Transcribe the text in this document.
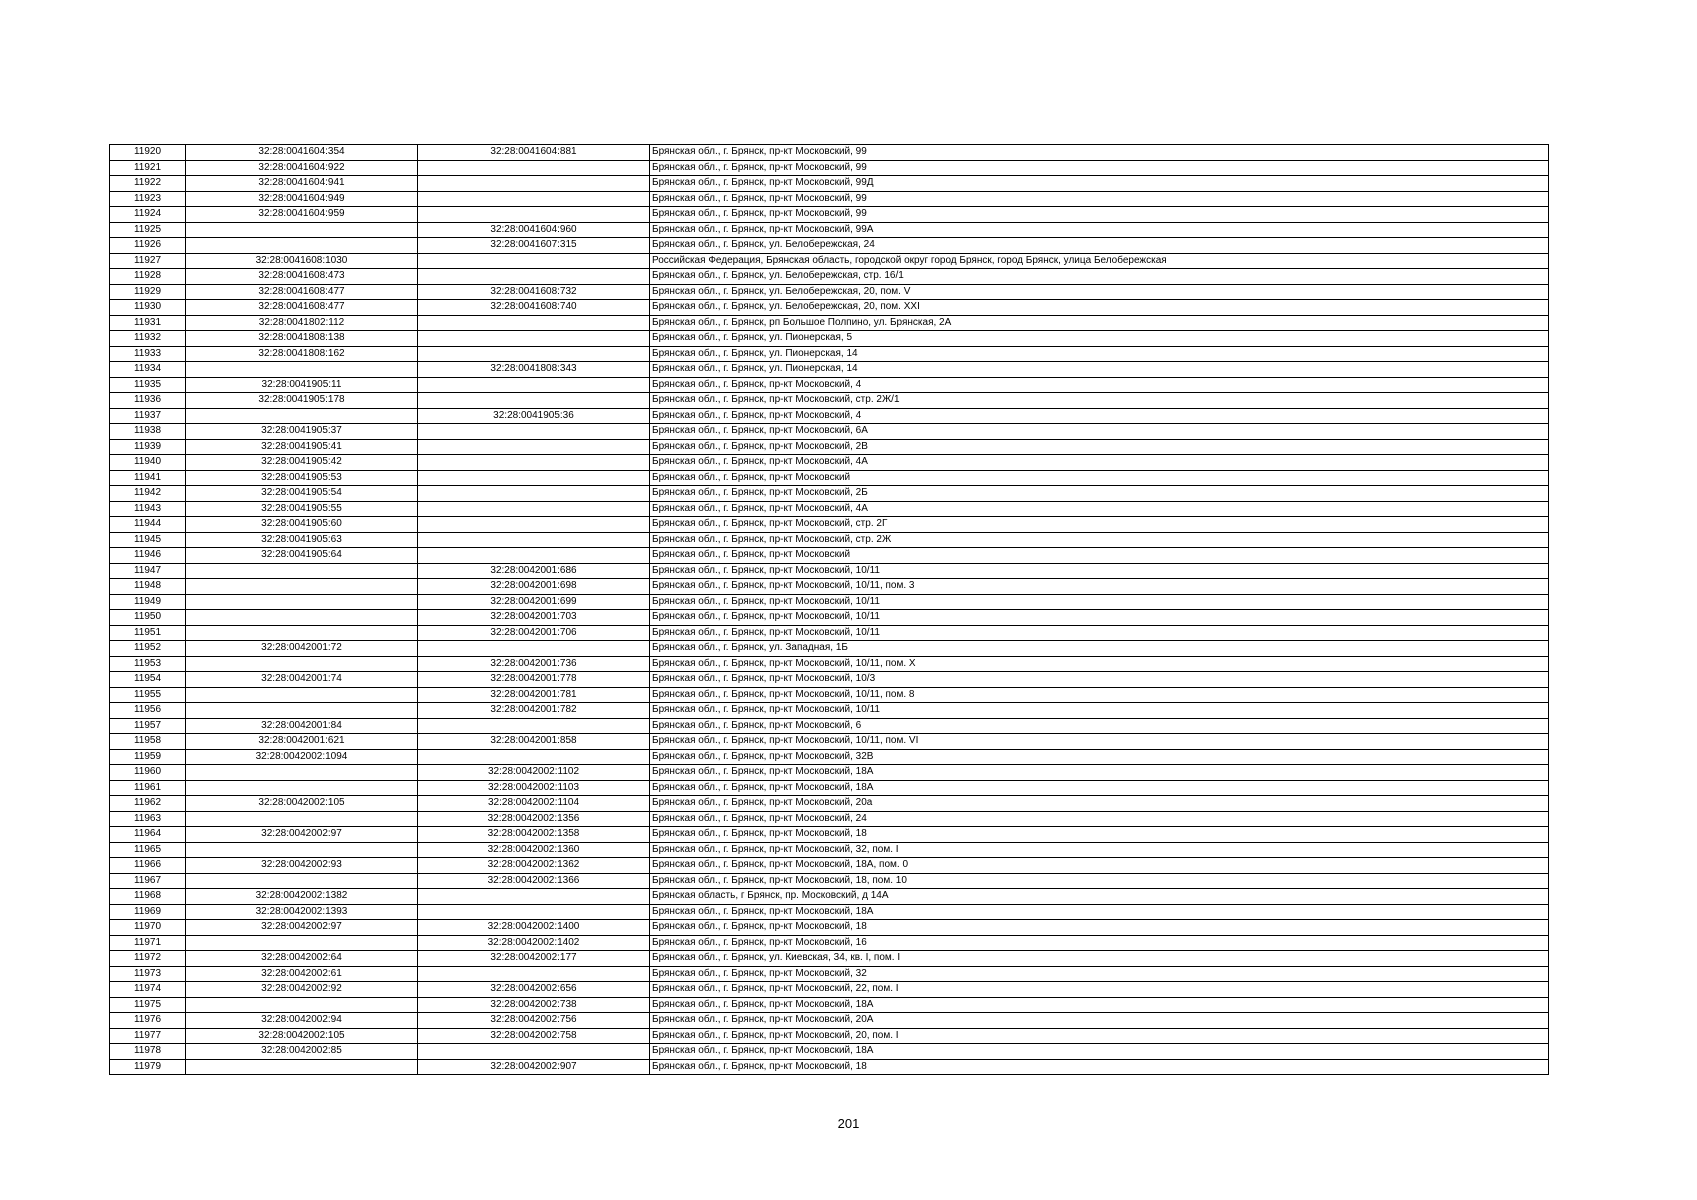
11920	32:28:0041604:354	32:28:0041604:881	Брянская обл., г. Брянск, пр-кт Московский, 99
11921	32:28:0041604:922		Брянская обл., г. Брянск, пр-кт Московский, 99
11922	32:28:0041604:941		Брянская обл., г. Брянск, пр-кт Московский, 99Д
11923	32:28:0041604:949		Брянская обл., г. Брянск, пр-кт Московский, 99
11924	32:28:0041604:959		Брянская обл., г. Брянск, пр-кт Московский, 99
11925		32:28:0041604:960	Брянская обл., г. Брянск, пр-кт Московский, 99А
11926		32:28:0041607:315	Брянская обл., г. Брянск, ул. Белобережская, 24
11927	32:28:0041608:1030		Российская Федерация, Брянская область, городской округ город Брянск, город Брянск, улица Белобережская
11928	32:28:0041608:473		Брянская обл., г. Брянск, ул. Белобережская, стр. 16/1
11929	32:28:0041608:477	32:28:0041608:732	Брянская обл., г. Брянск, ул. Белобережская, 20, пом. V
11930	32:28:0041608:477	32:28:0041608:740	Брянская обл., г. Брянск, ул. Белобережская, 20, пом. XXI
11931	32:28:0041802:112		Брянская обл., г. Брянск, рп Большое Полпино, ул. Брянская, 2А
11932	32:28:0041808:138		Брянская обл., г. Брянск, ул. Пионерская, 5
11933	32:28:0041808:162		Брянская обл., г. Брянск, ул. Пионерская, 14
11934		32:28:0041808:343	Брянская обл., г. Брянск, ул. Пионерская, 14
11935	32:28:0041905:11		Брянская обл., г. Брянск, пр-кт Московский, 4
11936	32:28:0041905:178		Брянская обл., г. Брянск, пр-кт Московский, стр. 2Ж/1
11937		32:28:0041905:36	Брянская обл., г. Брянск, пр-кт Московский, 4
11938	32:28:0041905:37		Брянская обл., г. Брянск, пр-кт Московский, 6А
11939	32:28:0041905:41		Брянская обл., г. Брянск, пр-кт Московский, 2В
11940	32:28:0041905:42		Брянская обл., г. Брянск, пр-кт Московский, 4А
11941	32:28:0041905:53		Брянская обл., г. Брянск, пр-кт Московский
11942	32:28:0041905:54		Брянская обл., г. Брянск, пр-кт Московский, 2Б
11943	32:28:0041905:55		Брянская обл., г. Брянск, пр-кт Московский, 4А
11944	32:28:0041905:60		Брянская обл., г. Брянск, пр-кт Московский, стр. 2Г
11945	32:28:0041905:63		Брянская обл., г. Брянск, пр-кт Московский, стр. 2Ж
11946	32:28:0041905:64		Брянская обл., г. Брянск, пр-кт Московский
11947		32:28:0042001:686	Брянская обл., г. Брянск, пр-кт Московский, 10/11
11948		32:28:0042001:698	Брянская обл., г. Брянск, пр-кт Московский, 10/11, пом. 3
11949		32:28:0042001:699	Брянская обл., г. Брянск, пр-кт Московский, 10/11
11950		32:28:0042001:703	Брянская обл., г. Брянск, пр-кт Московский, 10/11
11951		32:28:0042001:706	Брянская обл., г. Брянск, пр-кт Московский, 10/11
11952	32:28:0042001:72		Брянская обл., г. Брянск, ул. Западная, 1Б
11953		32:28:0042001:736	Брянская обл., г. Брянск, пр-кт Московский, 10/11, пом. Х
11954	32:28:0042001:74	32:28:0042001:778	Брянская обл., г. Брянск, пр-кт Московский, 10/3
11955		32:28:0042001:781	Брянская обл., г. Брянск, пр-кт Московский, 10/11, пом. 8
11956		32:28:0042001:782	Брянская обл., г. Брянск, пр-кт Московский, 10/11
11957	32:28:0042001:84		Брянская обл., г. Брянск, пр-кт Московский, 6
11958	32:28:0042001:621	32:28:0042001:858	Брянская обл., г. Брянск, пр-кт Московский, 10/11, пом. VI
11959	32:28:0042002:1094		Брянская обл., г. Брянск, пр-кт Московский, 32В
11960		32:28:0042002:1102	Брянская обл., г. Брянск, пр-кт Московский, 18А
11961		32:28:0042002:1103	Брянская обл., г. Брянск, пр-кт Московский, 18А
11962	32:28:0042002:105	32:28:0042002:1104	Брянская обл., г. Брянск, пр-кт Московский, 20а
11963		32:28:0042002:1356	Брянская обл., г. Брянск, пр-кт Московский, 24
11964	32:28:0042002:97	32:28:0042002:1358	Брянская обл., г. Брянск, пр-кт Московский, 18
11965		32:28:0042002:1360	Брянская обл., г. Брянск, пр-кт Московский, 32, пом. I
11966	32:28:0042002:93	32:28:0042002:1362	Брянская обл., г. Брянск, пр-кт Московский, 18А, пом. 0
11967		32:28:0042002:1366	Брянская обл., г. Брянск, пр-кт Московский, 18, пом. 10
11968	32:28:0042002:1382		Брянская область, г Брянск, пр. Московский, д 14А
11969	32:28:0042002:1393		Брянская обл., г. Брянск, пр-кт Московский, 18А
11970	32:28:0042002:97	32:28:0042002:1400	Брянская обл., г. Брянск, пр-кт Московский, 18
11971		32:28:0042002:1402	Брянская обл., г. Брянск, пр-кт Московский, 16
11972	32:28:0042002:64	32:28:0042002:177	Брянская обл., г. Брянск, ул. Киевская, 34, кв. I, пом. I
11973	32:28:0042002:61		Брянская обл., г. Брянск, пр-кт Московский, 32
11974	32:28:0042002:92	32:28:0042002:656	Брянская обл., г. Брянск, пр-кт Московский, 22, пом. I
11975		32:28:0042002:738	Брянская обл., г. Брянск, пр-кт Московский, 18А
11976	32:28:0042002:94	32:28:0042002:756	Брянская обл., г. Брянск, пр-кт Московский, 20А
11977	32:28:0042002:105	32:28:0042002:758	Брянская обл., г. Брянск, пр-кт Московский, 20, пом. I
11978	32:28:0042002:85		Брянская обл., г. Брянск, пр-кт Московский, 18А
11979		32:28:0042002:907	Брянская обл., г. Брянск, пр-кт Московский, 18
201
